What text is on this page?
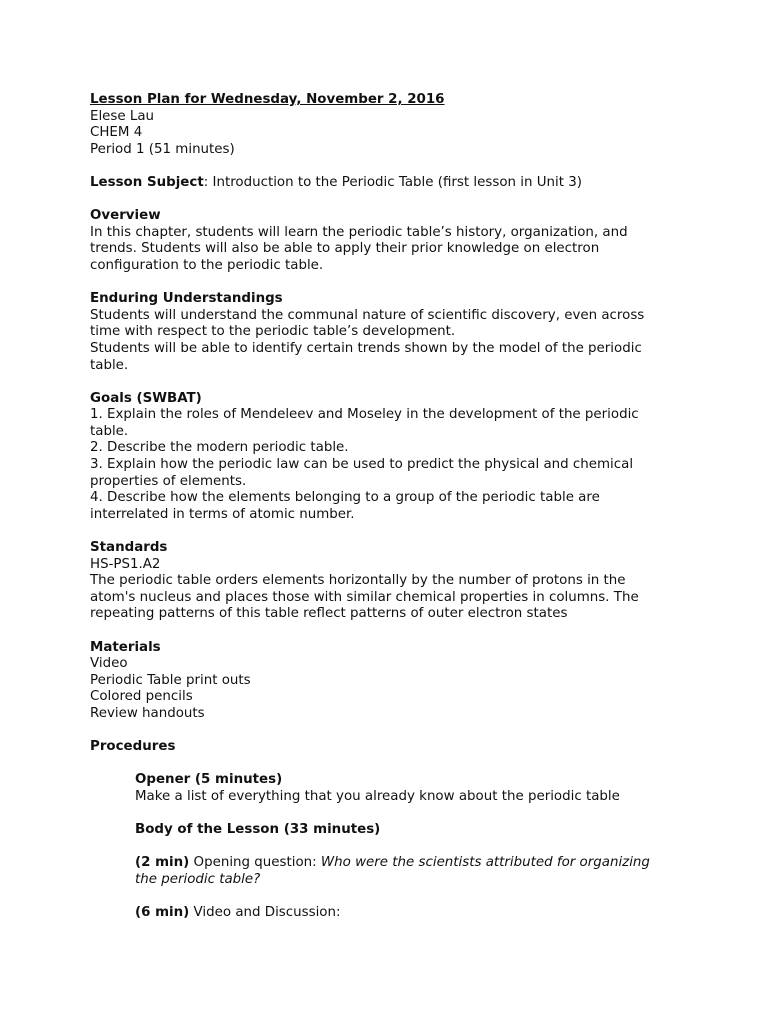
Lesson Plan for Wednesday, November 2, 2016
Elese Lau
CHEM 4
Period 1 (51 minutes)
Lesson Subject: Introduction to the Periodic Table (first lesson in Unit 3)
Overview
In this chapter, students will learn the periodic table’s history, organization, and
trends. Students will also be able to apply their prior knowledge on electron
configuration to the periodic table.
Enduring Understandings
Students will understand the communal nature of scientific discovery, even across
time with respect to the periodic table’s development.
Students will be able to identify certain trends shown by the model of the periodic
table.
Goals (SWBAT)
1. Explain the roles of Mendeleev and Moseley in the development of the periodic
table.
2. Describe the modern periodic table.
3. Explain how the periodic law can be used to predict the physical and chemical
properties of elements.
4. Describe how the elements belonging to a group of the periodic table are
interrelated in terms of atomic number.
Standards
HS-PS1.A2
The periodic table orders elements horizontally by the number of protons in the
atom's nucleus and places those with similar chemical properties in columns. The
repeating patterns of this table reflect patterns of outer electron states
Materials
Video
Periodic Table print outs
Colored pencils
Review handouts
Procedures
Opener (5 minutes)
Make a list of everything that you already know about the periodic table
Body of the Lesson (33 minutes)
(2 min) Opening question: Who were the scientists attributed for organizing
the periodic table?
(6 min) Video and Discussion:
